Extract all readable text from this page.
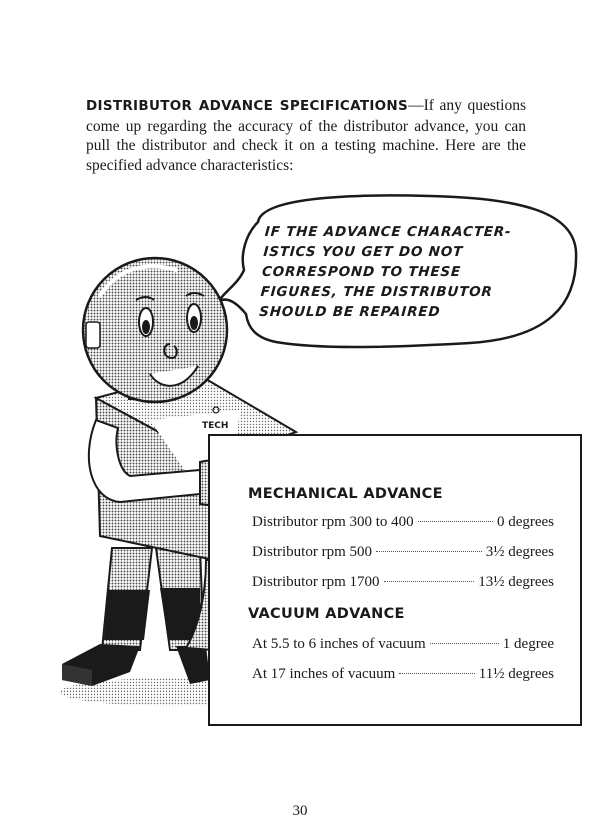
DISTRIBUTOR ADVANCE SPECIFICATIONS—If any questions come up regarding the accuracy of the distributor advance, you can pull the distributor and check it on a testing machine. Here are the specified advance characteristics:
TECH
IF THE ADVANCE CHARACTER-
ISTICS YOU GET DO NOT
CORRESPOND TO THESE
FIGURES, THE DISTRIBUTOR
SHOULD BE REPAIRED
MECHANICAL ADVANCE
Distributor rpm 300 to 400	0 degrees
Distributor rpm 500	3½ degrees
Distributor rpm 1700	13½ degrees
VACUUM ADVANCE
At 5.5 to 6 inches of vacuum	1 degree
At 17 inches of vacuum	11½ degrees
30
